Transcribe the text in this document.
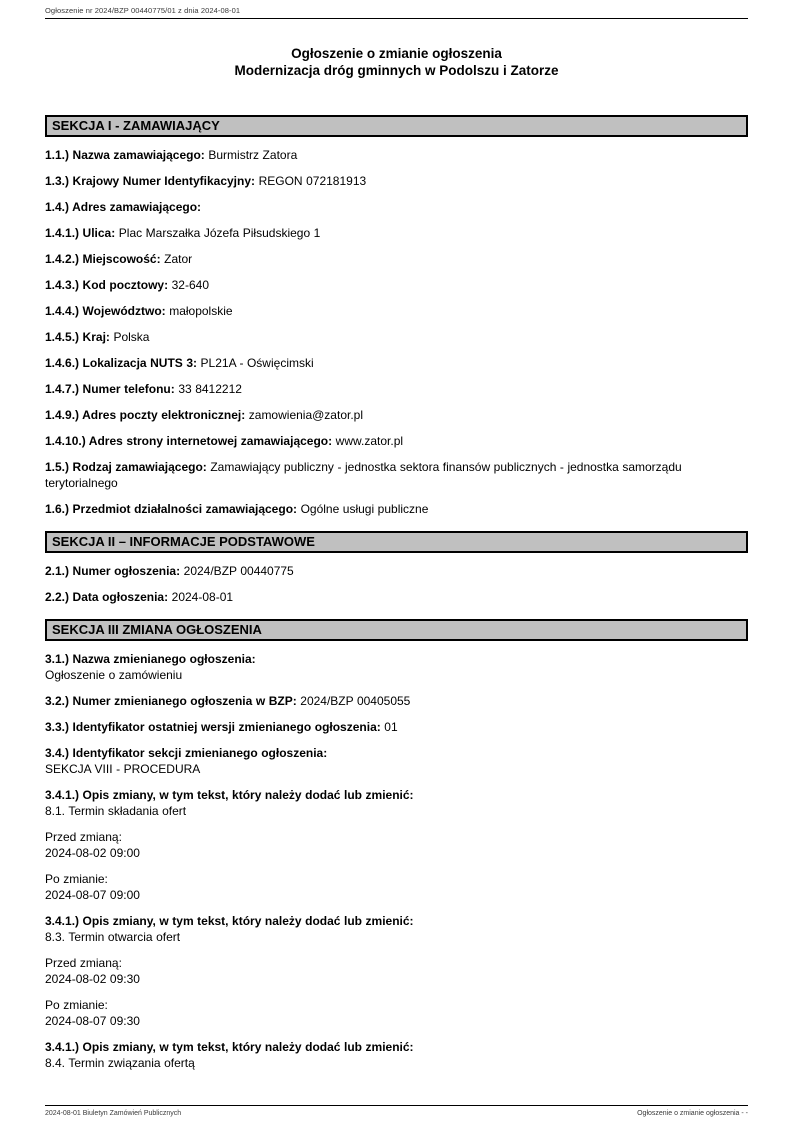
Ogłoszenie nr 2024/BZP 00440775/01 z dnia 2024-08-01
Ogłoszenie o zmianie ogłoszenia
Modernizacja dróg gminnych w Podolszu i Zatorze
SEKCJA I - ZAMAWIAJĄCY

1.1.) Nazwa zamawiającego: Burmistrz Zatora

1.3.) Krajowy Numer Identyfikacyjny: REGON 072181913

1.4.) Adres zamawiającego:

1.4.1.) Ulica: Plac Marszałka Józefa Piłsudskiego 1

1.4.2.) Miejscowość: Zator

1.4.3.) Kod pocztowy: 32-640

1.4.4.) Województwo: małopolskie

1.4.5.) Kraj: Polska

1.4.6.) Lokalizacja NUTS 3: PL21A - Oświęcimski

1.4.7.) Numer telefonu: 33 8412212

1.4.9.) Adres poczty elektronicznej: zamowienia@zator.pl

1.4.10.) Adres strony internetowej zamawiającego: www.zator.pl

1.5.) Rodzaj zamawiającego: Zamawiający publiczny - jednostka sektora finansów publicznych - jednostka samorządu terytorialnego

1.6.) Przedmiot działalności zamawiającego: Ogólne usługi publiczne

SEKCJA II – INFORMACJE PODSTAWOWE

2.1.) Numer ogłoszenia: 2024/BZP 00440775

2.2.) Data ogłoszenia: 2024-08-01

SEKCJA III ZMIANA OGŁOSZENIA

3.1.) Nazwa zmienianego ogłoszenia:
Ogłoszenie o zamówieniu

3.2.) Numer zmienianego ogłoszenia w BZP: 2024/BZP 00405055

3.3.) Identyfikator ostatniej wersji zmienianego ogłoszenia: 01

3.4.) Identyfikator sekcji zmienianego ogłoszenia:
SEKCJA VIII - PROCEDURA

3.4.1.) Opis zmiany, w tym tekst, który należy dodać lub zmienić:
8.1. Termin składania ofert

Przed zmianą:
2024-08-02 09:00

Po zmianie:
2024-08-07 09:00

3.4.1.) Opis zmiany, w tym tekst, który należy dodać lub zmienić:
8.3. Termin otwarcia ofert

Przed zmianą:
2024-08-02 09:30

Po zmianie:
2024-08-07 09:30

3.4.1.) Opis zmiany, w tym tekst, który należy dodać lub zmienić:
8.4. Termin związania ofertą

2024-08-01 Biuletyn Zamówień Publicznych	Ogłoszenie o zmianie ogłoszenia - -
